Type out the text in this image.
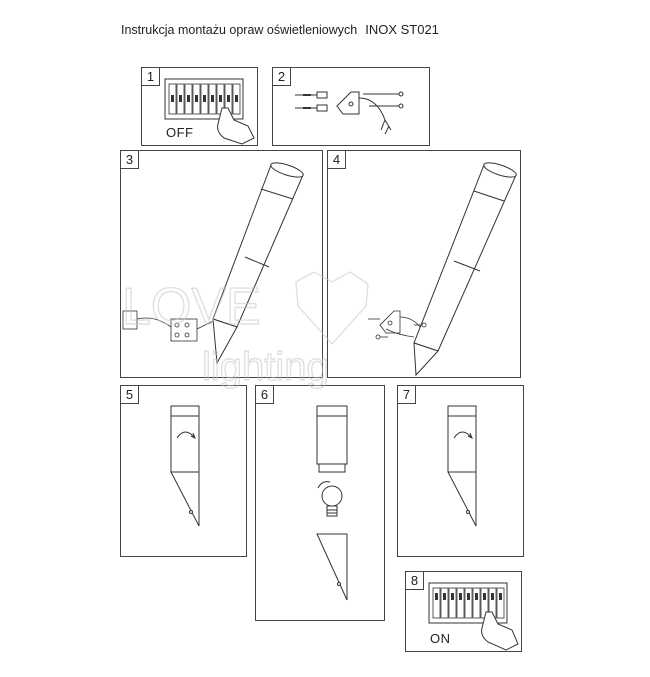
Instrukcja montażu opraw oświetleniowych INOX ST021
1
OFF
2
3	4
5	6	7
8
ON
LOVE
lighting
